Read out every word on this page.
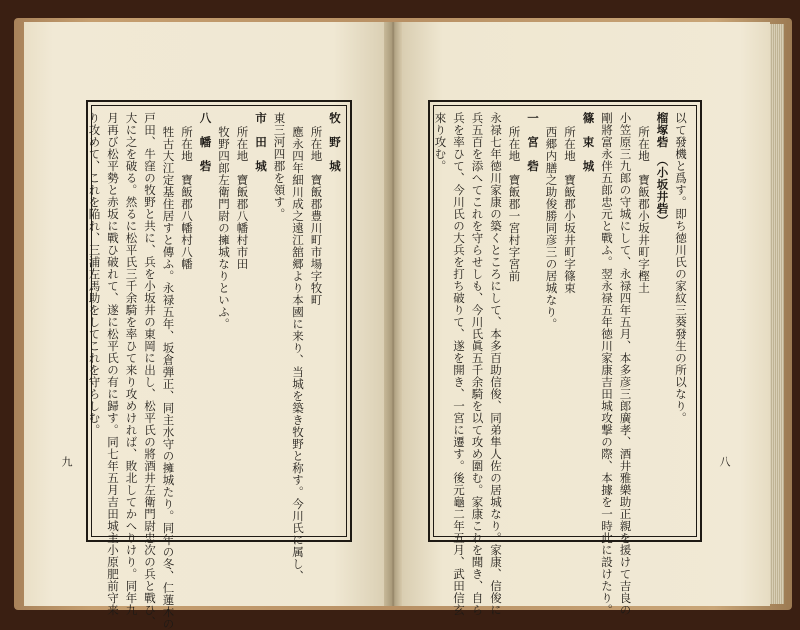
以て發機と爲す。即ち徳川氏の家紋三葵發生の所以なり。

榴塚砦　（小坂井砦）

所在地　寶飯郡小坂井町字樫土

小笠原三九郎の守城にして、永禄四年五月、本多彦三郎廣孝、酒井雅樂助正親を援けて吉良の

剛將富永伴五郎忠元と戰ふ。翌永禄五年徳川家康吉田城攻撃の際、本據を一時此に設けたり。

篠　束　城

所在地　寶飯郡小坂井町字篠束

西郷内膳之助俊勝同彦三の居城なり。

一　宮　砦

所在地　寶飯郡一宮村字宮前

永禄七年徳川家康の築くところにして、本多百助信俊、同弟隼人佐の居城なり。家康、信俊に

兵五百を添へてこれを守らせしも、今川氏眞五千余騎を以て攻め圍む。家康これを聞き、自ら

兵を率ひて、今川氏の大兵を打ち破りて、遂を開き、一宮に遷す。後元龜二年五月、武田信玄

來り攻む。

牧　野　城

所在地　寶飯郡豊川町市場字牧町

應永四年細川成之遠江舘郷より本國に来り、当城を築き牧野と称す。今川氏に属し、

東三河四郡を領す。

市　田　城

所在地　寶飯郡八幡村市田

牧野四郎左衛門尉の擁城なりといふ。

八　幡　砦

所在地　寶飯郡八幡村八幡

牲古大江定基住居すと傳ふ。永禄五年、坂倉弾正、同主水守の擁城たり。同年の冬、仁蓮木の

戸田、牛窪の牧野と共に、兵を小坂井の東岡に出し、松平氏の將酒井左衛門尉忠次の兵と戰ひ、

大に之を破る。然るに松平氏三千余騎を率ひて来り攻めければ、敗北してかへりけり。同年九

月再び松平勢と赤坂に戰ひ破れて、遂に松平氏の有に歸す。同七年五月吉田城主小原肥前守来

り攻めて、これを陥れ、三浦左馬助をしてこれを守らしむ。

九	八
